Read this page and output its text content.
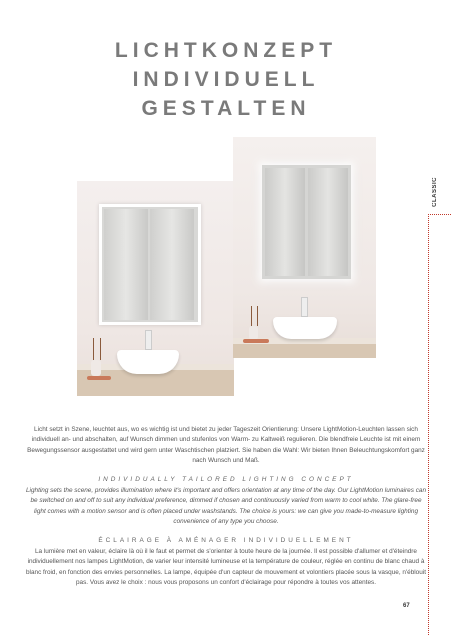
LICHTKONZEPT
INDIVIDUELL
GESTALTEN
CLASSIC
Licht setzt in Szene, leuchtet aus, wo es wichtig ist und bietet zu jeder Tageszeit Orientierung: Unsere LightMotion-Leuchten lassen sich individuell an- und abschalten, auf Wunsch dimmen und stufenlos von Warm- zu Kaltweiß regulieren. Die blendfreie Leuchte ist mit einem Bewegungssensor ausgestattet und wird gern unter Waschtischen platziert. Sie haben die Wahl: Wir bieten Ihnen Beleuchtungskomfort ganz nach Wunsch und Maß.
INDIVIDUALLY TAILORED LIGHTING CONCEPT
Lighting sets the scene, provides illumination where it's important and offers orientation at any time of the day. Our LightMotion luminaires can be switched on and off to suit any individual preference, dimmed if chosen and continuously varied from warm to cool white. The glare-free light comes with a motion sensor and is often placed under washstands. The choice is yours: we can give you made-to-measure lighting convenience of any type you choose.
ÉCLAIRAGE À AMÉNAGER INDIVIDUELLEMENT
La lumière met en valeur, éclaire là où il le faut et permet de s'orienter à toute heure de la journée. Il est possible d'allumer et d'éteindre individuellement nos lampes LightMotion, de varier leur intensité lumineuse et la température de couleur, réglée en continu de blanc chaud à blanc froid, en fonction des envies personnelles. La lampe, équipée d'un capteur de mouvement et volontiers placée sous la vasque, n'éblouit pas. Vous avez le choix : nous vous proposons un confort d'éclairage pour répondre à toutes vos attentes.
67
